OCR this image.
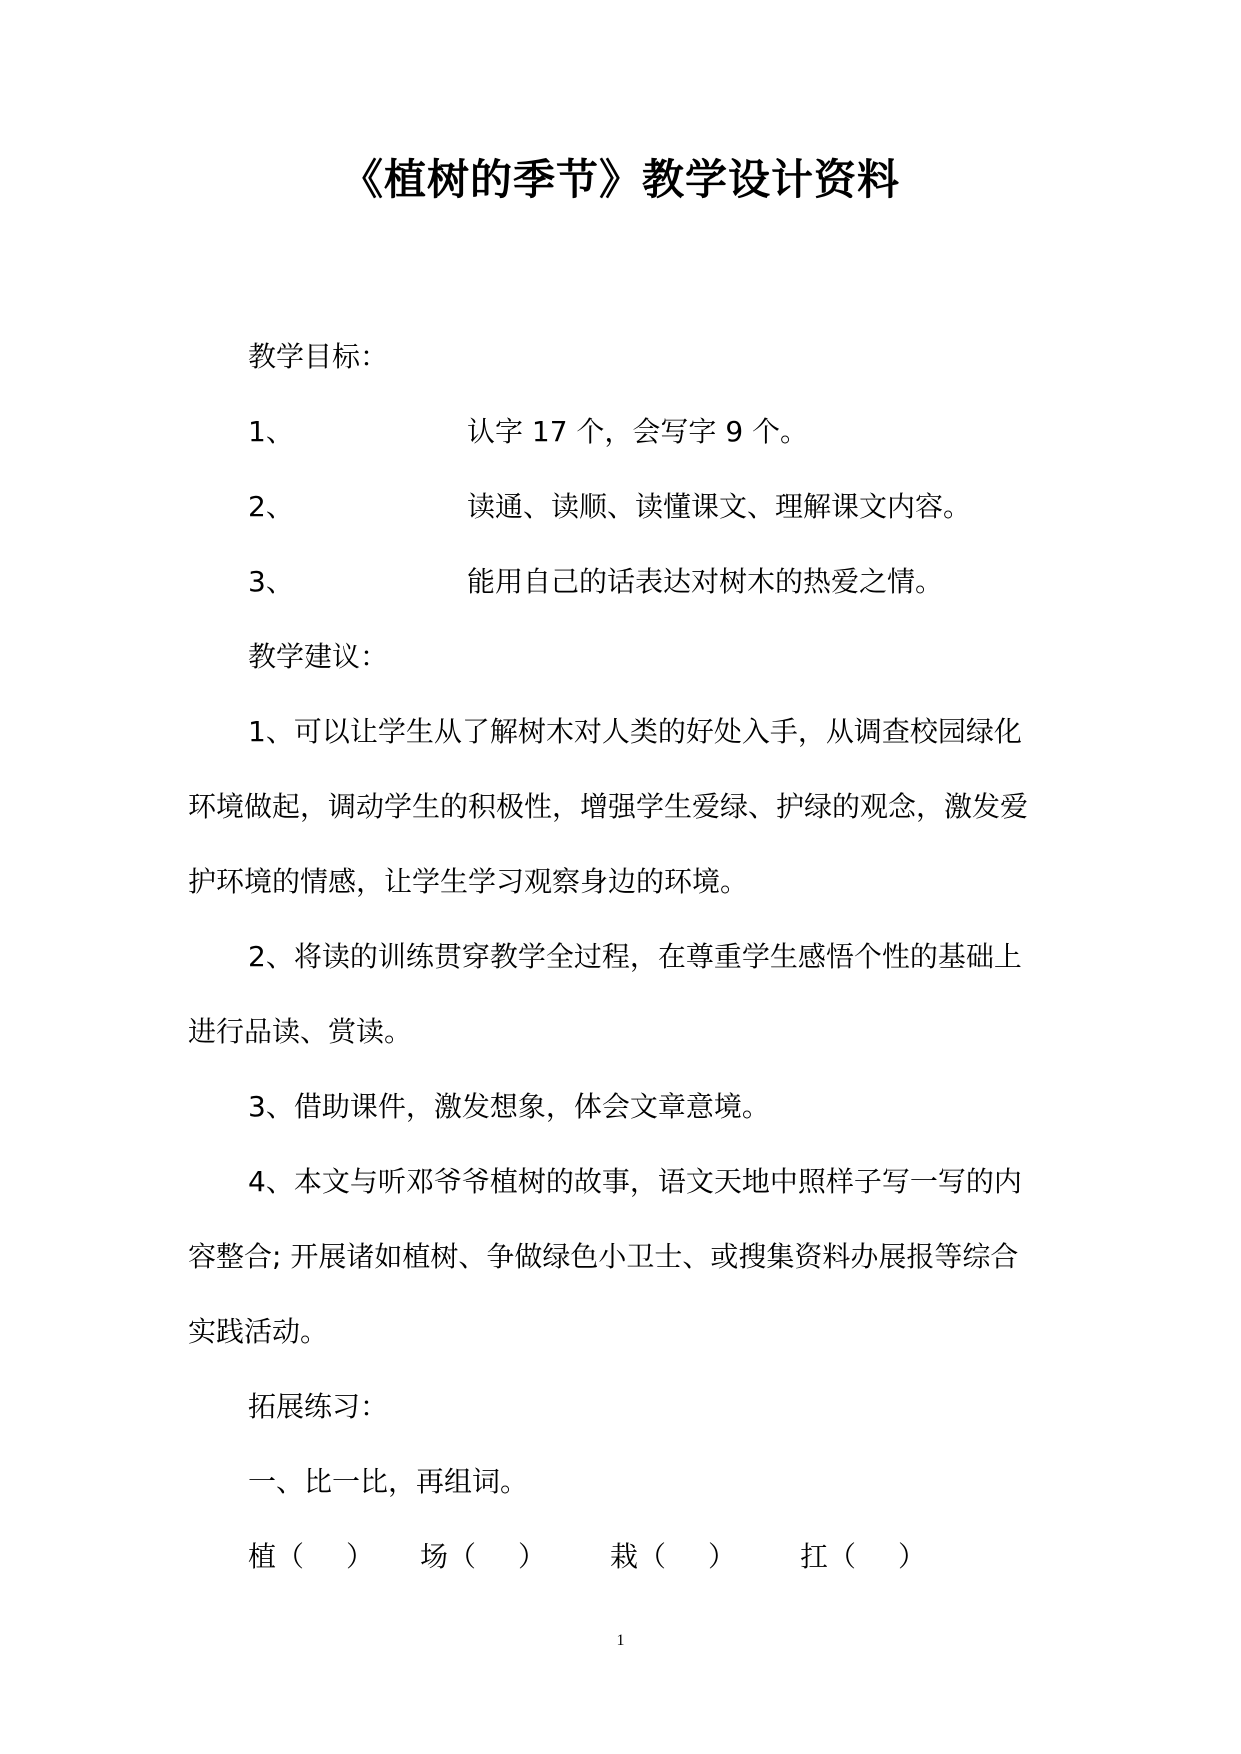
《植树的季节》教学设计资料
教学目标：
1、	认字 17 个，会写字 9 个。
2、	读通、读顺、读懂课文、理解课文内容。
3、	能用自己的话表达对树木的热爱之情。
教学建议：
1、可以让学生从了解树木对人类的好处入手，从调查校园绿化
环境做起，调动学生的积极性，增强学生爱绿、护绿的观念，激发爱
护环境的情感，让学生学习观察身边的环境。
2、将读的训练贯穿教学全过程，在尊重学生感悟个性的基础上
进行品读、赏读。
3、借助课件，激发想象，体会文章意境。
4、本文与听邓爷爷植树的故事，语文天地中照样子写一写的内
容整合; 开展诸如植树、争做绿色小卫士、或搜集资料办展报等综合
实践活动。
拓展练习：
一、比一比，再组词。
植（ ） 场（ ） 栽（ ） 扛（ ）
1
